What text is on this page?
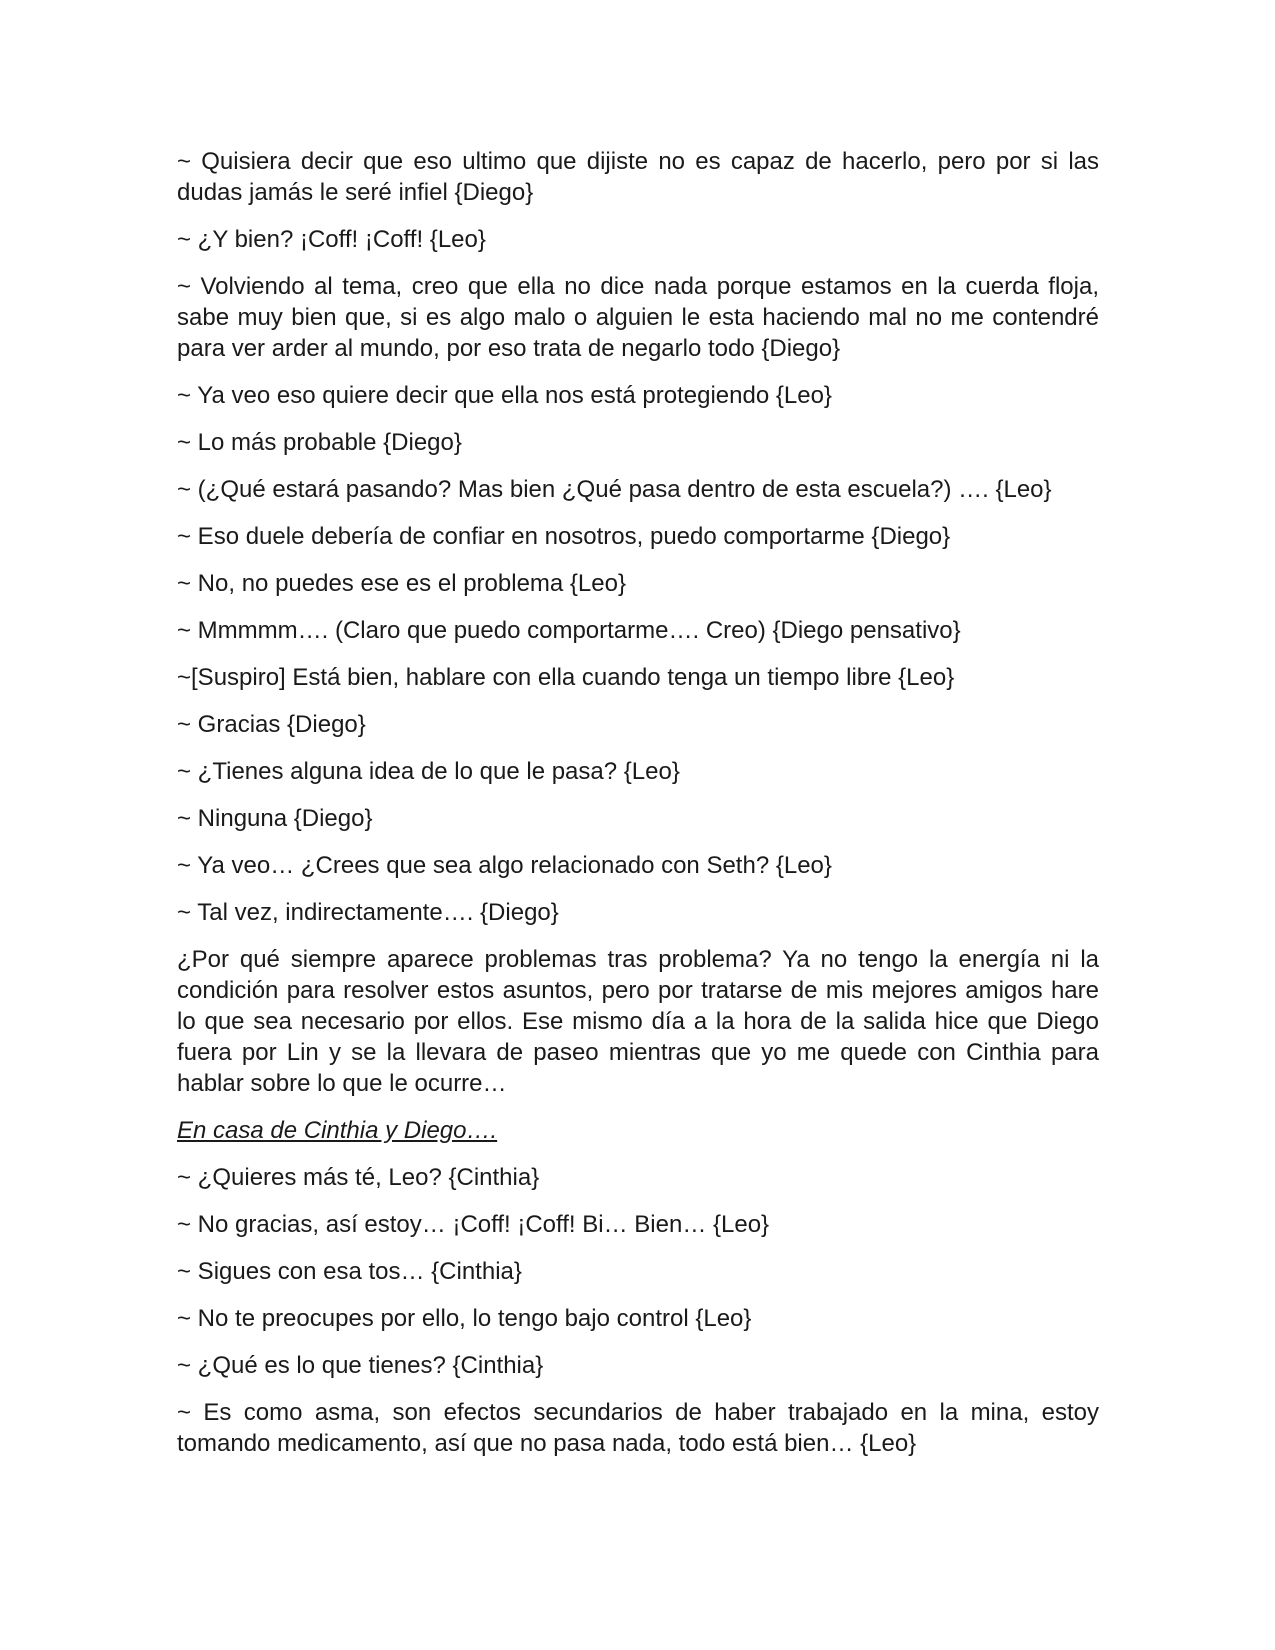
~ Quisiera decir que eso ultimo que dijiste no es capaz de hacerlo, pero por si las dudas jamás le seré infiel {Diego}

~ ¿Y bien? ¡Coff! ¡Coff! {Leo}

~ Volviendo al tema, creo que ella no dice nada porque estamos en la cuerda floja, sabe muy bien que, si es algo malo o alguien le esta haciendo mal no me contendré para ver arder al mundo, por eso trata de negarlo todo {Diego}

~ Ya veo eso quiere decir que ella nos está protegiendo {Leo}

~ Lo más probable {Diego}

~ (¿Qué estará pasando? Mas bien ¿Qué pasa dentro de esta escuela?) …. {Leo}

~ Eso duele debería de confiar en nosotros, puedo comportarme {Diego}

~ No, no puedes ese es el problema {Leo}

~ Mmmmm…. (Claro que puedo comportarme…. Creo) {Diego pensativo}

~[Suspiro] Está bien, hablare con ella cuando tenga un tiempo libre {Leo}

~ Gracias {Diego}

~ ¿Tienes alguna idea de lo que le pasa? {Leo}

~ Ninguna {Diego}

~ Ya veo… ¿Crees que sea algo relacionado con Seth? {Leo}

~ Tal vez, indirectamente…. {Diego}

¿Por qué siempre aparece problemas tras problema? Ya no tengo la energía ni la condición para resolver estos asuntos, pero por tratarse de mis mejores amigos hare lo que sea necesario por ellos. Ese mismo día a la hora de la salida hice que Diego fuera por Lin y se la llevara de paseo mientras que yo me quede con Cinthia para hablar sobre lo que le ocurre…

En casa de Cinthia y Diego….

~ ¿Quieres más té, Leo? {Cinthia}

~ No gracias, así estoy… ¡Coff! ¡Coff! Bi… Bien… {Leo}

~ Sigues con esa tos… {Cinthia}

~ No te preocupes por ello, lo tengo bajo control {Leo}

~ ¿Qué es lo que tienes? {Cinthia}

~ Es como asma, son efectos secundarios de haber trabajado en la mina, estoy tomando medicamento, así que no pasa nada, todo está bien… {Leo}
